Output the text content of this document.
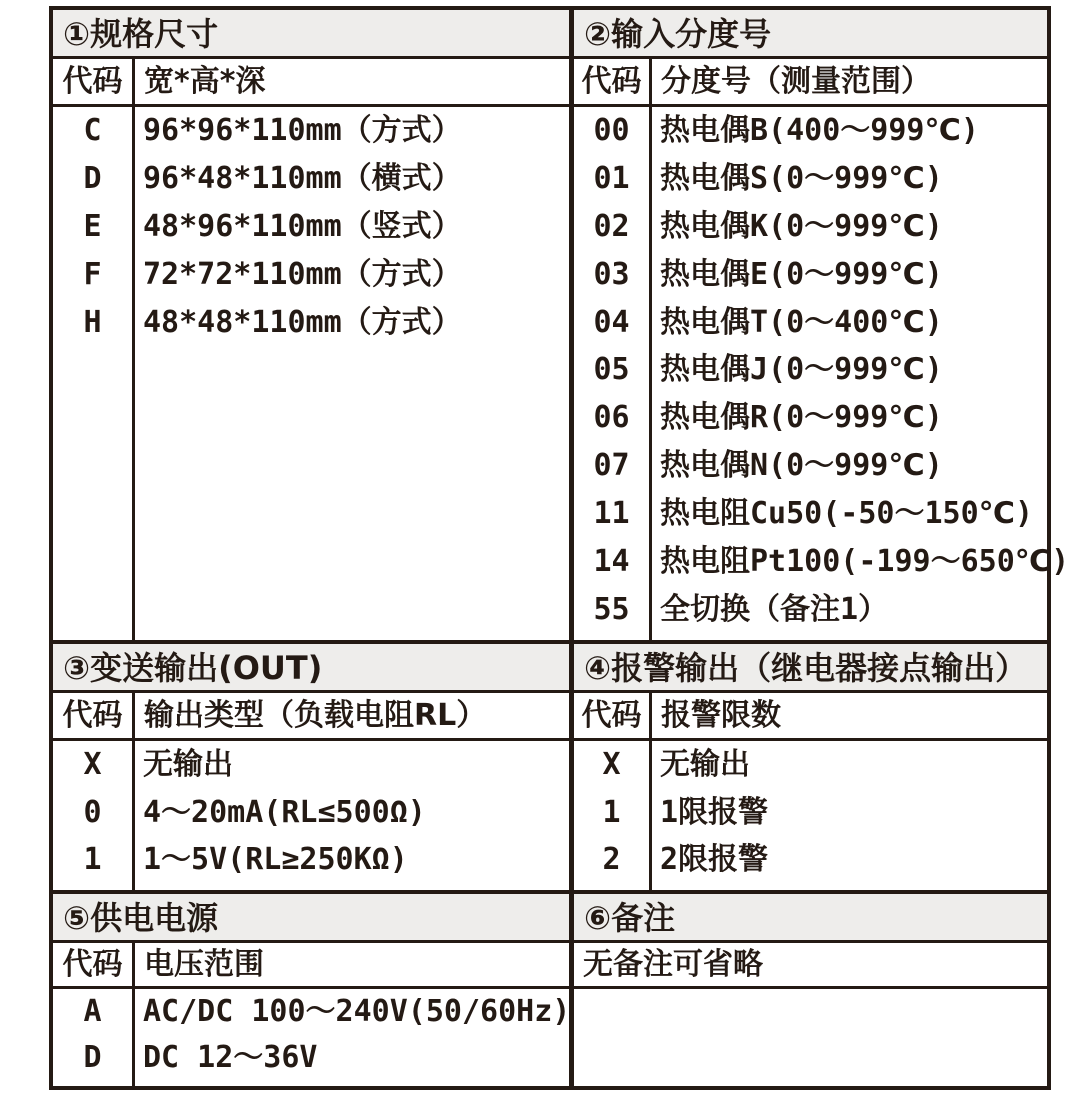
①规格尺寸
代码 宽*高*深
C
D
E
F
H
96*96*110mm（方式）
96*48*110mm（横式）
48*96*110mm（竖式）
72*72*110mm（方式）
48*48*110mm（方式）
②输入分度号
代码 分度号（测量范围）
00
01
02
03
04
05
06
07
11
14
55
热电偶B(400～999℃)
热电偶S(0～999℃)
热电偶K(0～999℃)
热电偶E(0～999℃)
热电偶T(0～400℃)
热电偶J(0～999℃)
热电偶R(0～999℃)
热电偶N(0～999℃)
热电阻Cu50(-50～150℃)
热电阻Pt100(-199～650℃)
全切换（备注1）
③变送输出(OUT)
代码 输出类型（负载电阻RL）
X
0
1
无输出
4～20mA(RL≤500Ω)
1～5V(RL≥250KΩ)
④报警输出（继电器接点输出）
代码 报警限数
X
1
2
无输出
1限报警
2限报警
⑤供电电源
代码 电压范围
A
D
AC/DC 100～240V(50/60Hz)
DC 12～36V
⑥备注
无备注可省略
